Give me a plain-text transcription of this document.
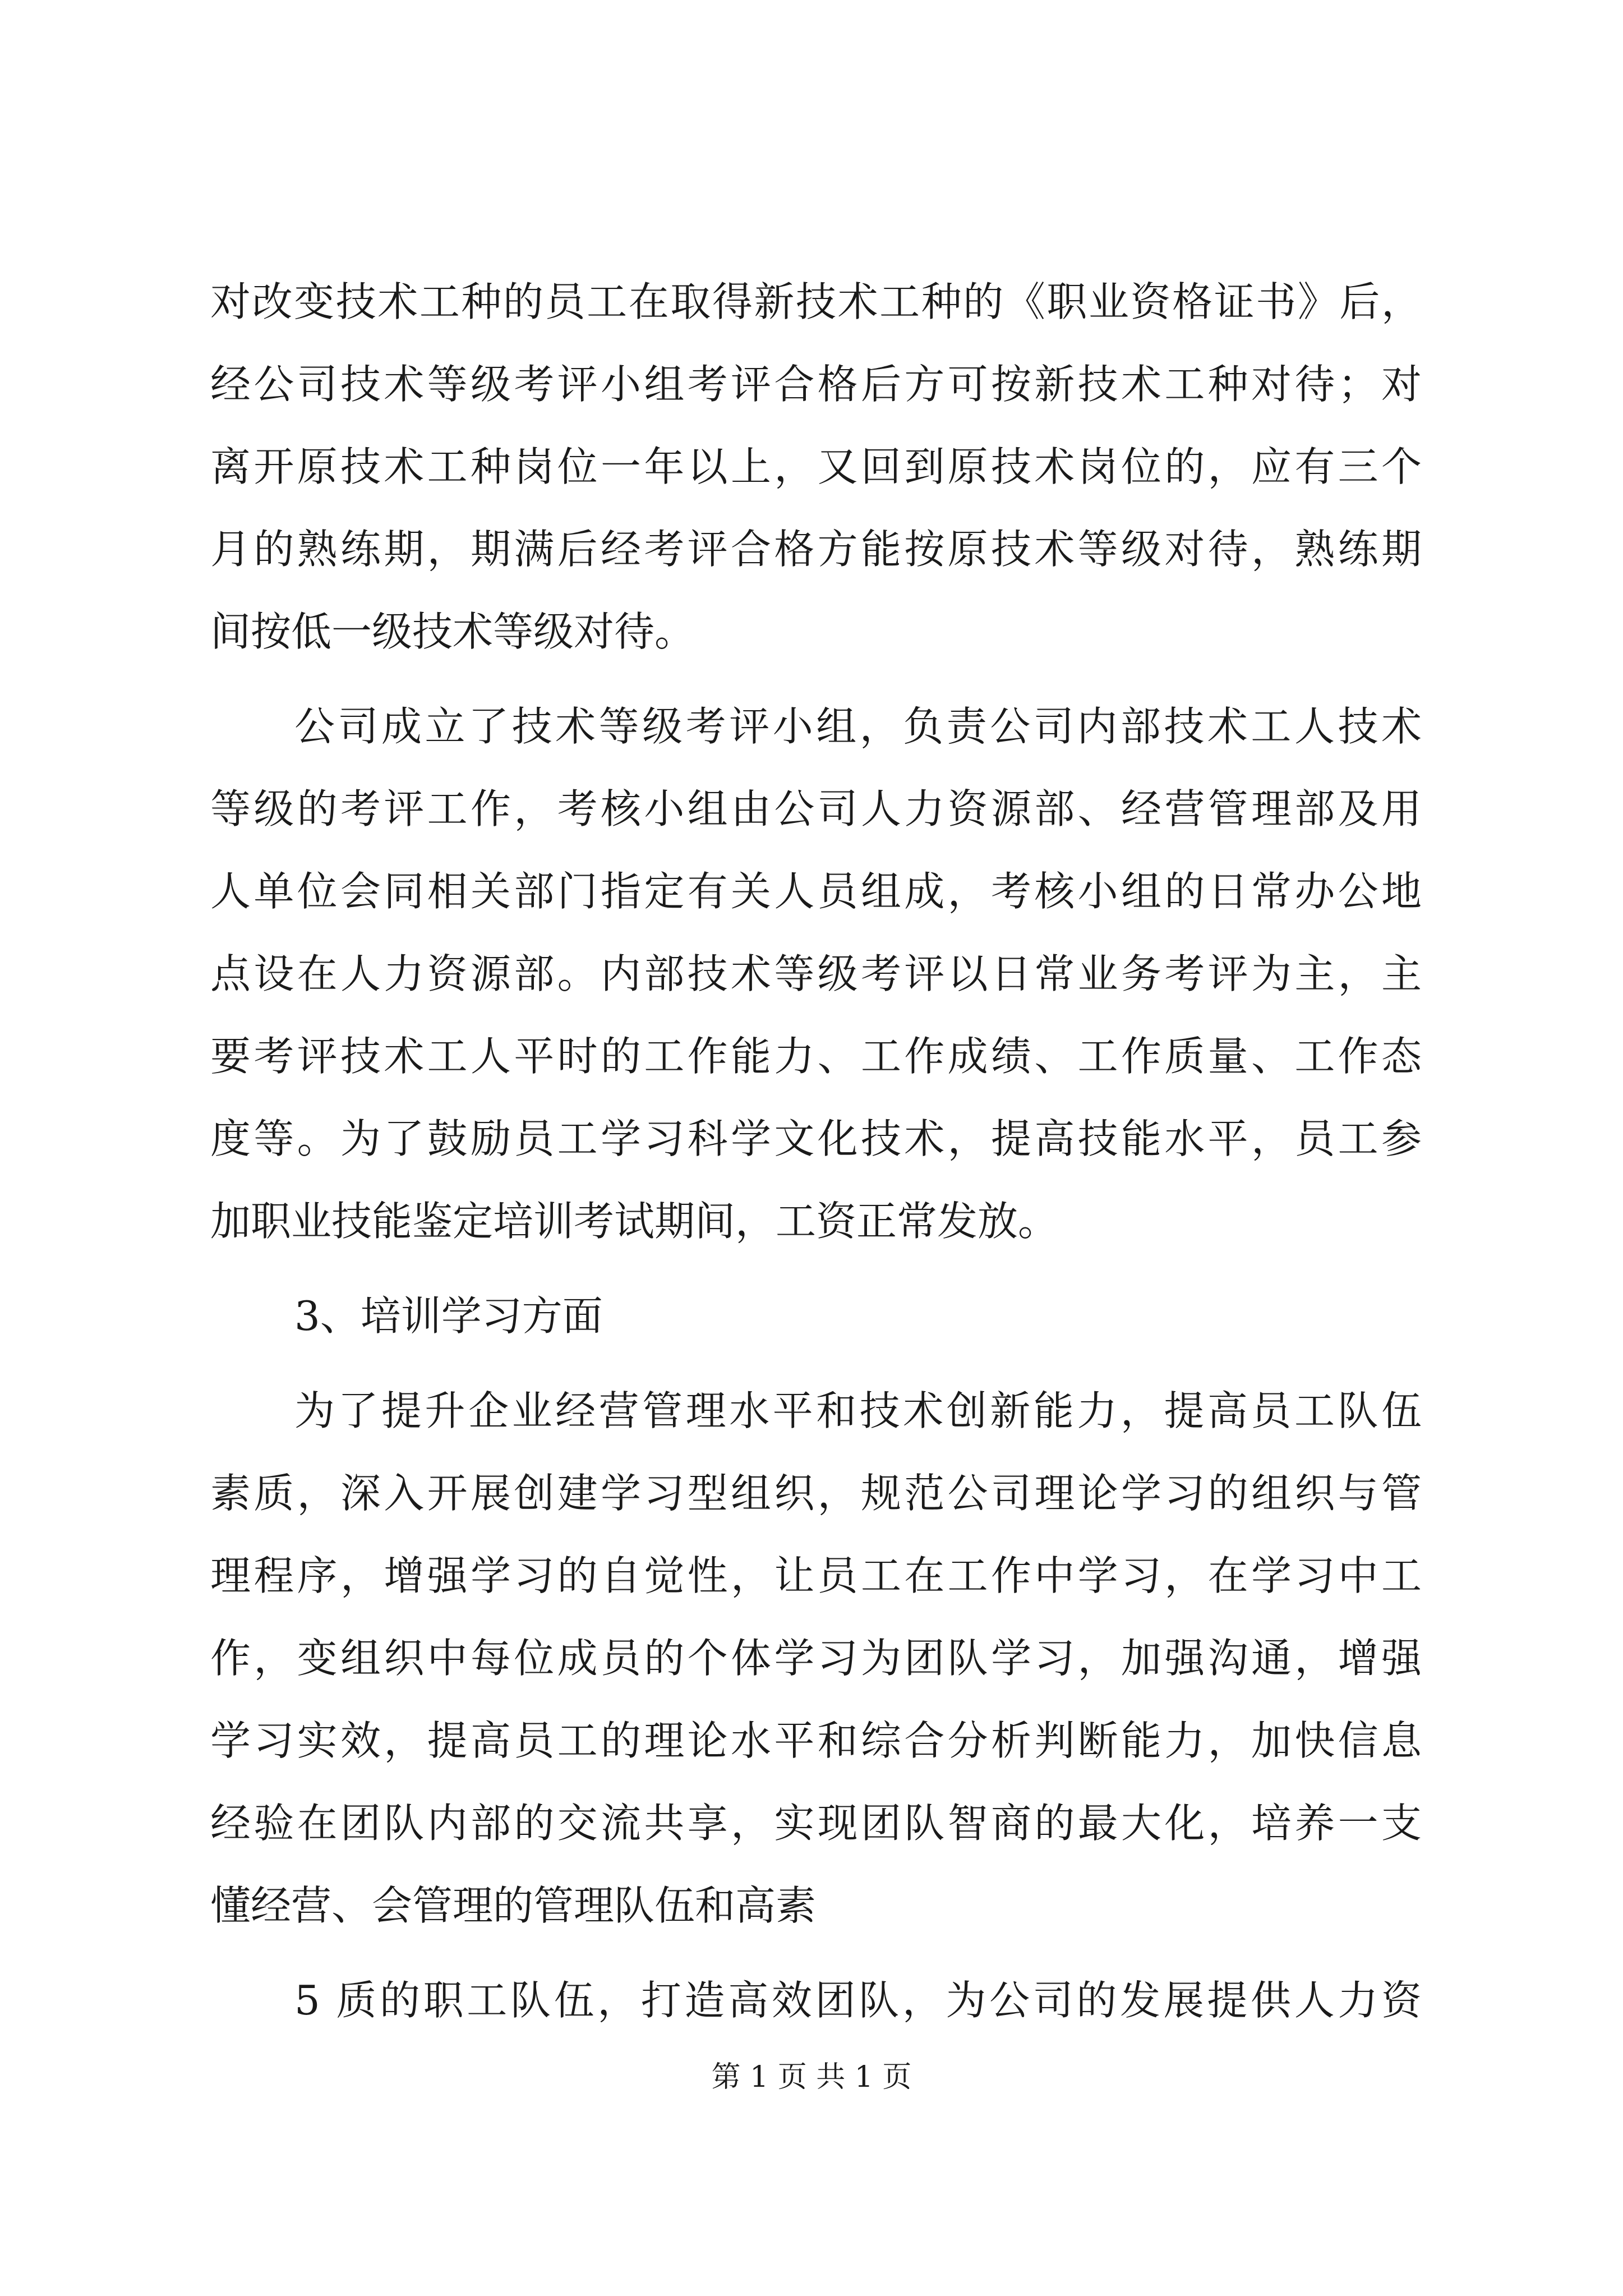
对改变技术工种的员工在取得新技术工种的《职业资格证书》后，
经公司技术等级考评小组考评合格后方可按新技术工种对待；对
离开原技术工种岗位一年以上，又回到原技术岗位的，应有三个
月的熟练期，期满后经考评合格方能按原技术等级对待，熟练期
间按低一级技术等级对待。
公司成立了技术等级考评小组，负责公司内部技术工人技术
等级的考评工作，考核小组由公司人力资源部、经营管理部及用
人单位会同相关部门指定有关人员组成，考核小组的日常办公地
点设在人力资源部。内部技术等级考评以日常业务考评为主，主
要考评技术工人平时的工作能力、工作成绩、工作质量、工作态
度等。为了鼓励员工学习科学文化技术，提高技能水平，员工参
加职业技能鉴定培训考试期间，工资正常发放。
3、培训学习方面
为了提升企业经营管理水平和技术创新能力，提高员工队伍
素质，深入开展创建学习型组织，规范公司理论学习的组织与管
理程序，增强学习的自觉性，让员工在工作中学习，在学习中工
作，变组织中每位成员的个体学习为团队学习，加强沟通，增强
学习实效，提高员工的理论水平和综合分析判断能力，加快信息
经验在团队内部的交流共享，实现团队智商的最大化，培养一支
懂经营、会管理的管理队伍和高素
5 质的职工队伍，打造高效团队，为公司的发展提供人力资
第 1 页 共 1 页
